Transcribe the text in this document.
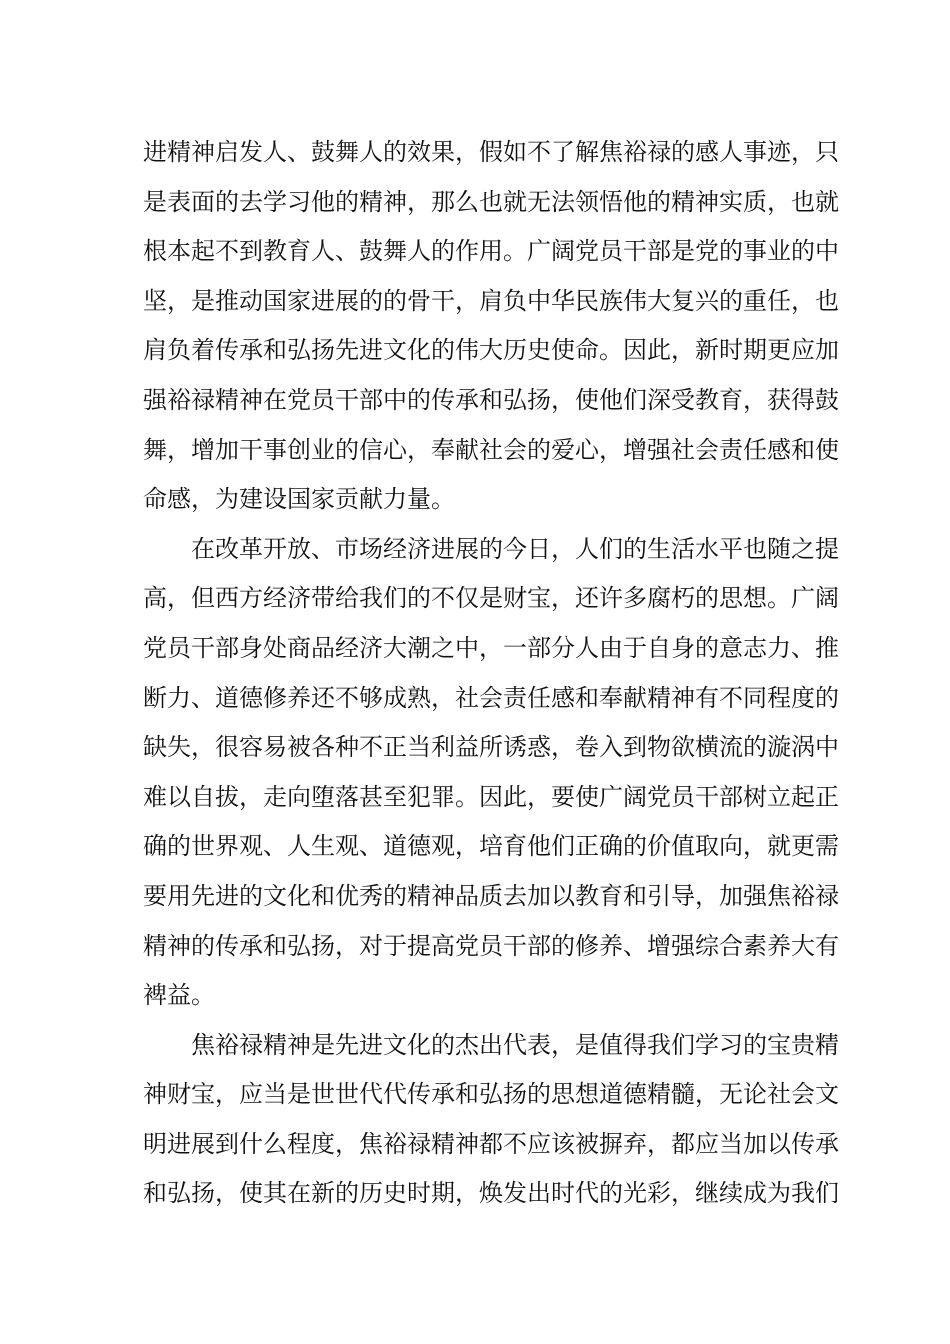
进精神启发人、鼓舞人的效果，假如不了解焦裕禄的感人事迹，只
是表面的去学习他的精神，那么也就无法领悟他的精神实质，也就
根本起不到教育人、鼓舞人的作用。广阔党员干部是党的事业的中
坚，是推动国家进展的的骨干，肩负中华民族伟大复兴的重任，也
肩负着传承和弘扬先进文化的伟大历史使命。因此，新时期更应加
强裕禄精神在党员干部中的传承和弘扬，使他们深受教育，获得鼓
舞，增加干事创业的信心，奉献社会的爱心，增强社会责任感和使
命感，为建设国家贡献力量。
在改革开放、市场经济进展的今日，人们的生活水平也随之提
高，但西方经济带给我们的不仅是财宝，还许多腐朽的思想。广阔
党员干部身处商品经济大潮之中，一部分人由于自身的意志力、推
断力、道德修养还不够成熟，社会责任感和奉献精神有不同程度的
缺失，很容易被各种不正当利益所诱惑，卷入到物欲横流的漩涡中
难以自拔，走向堕落甚至犯罪。因此，要使广阔党员干部树立起正
确的世界观、人生观、道德观，培育他们正确的价值取向，就更需
要用先进的文化和优秀的精神品质去加以教育和引导，加强焦裕禄
精神的传承和弘扬，对于提高党员干部的修养、增强综合素养大有
裨益。
焦裕禄精神是先进文化的杰出代表，是值得我们学习的宝贵精
神财宝，应当是世世代代传承和弘扬的思想道德精髓，无论社会文
明进展到什么程度，焦裕禄精神都不应该被摒弃，都应当加以传承
和弘扬，使其在新的历史时期，焕发出时代的光彩，继续成为我们
